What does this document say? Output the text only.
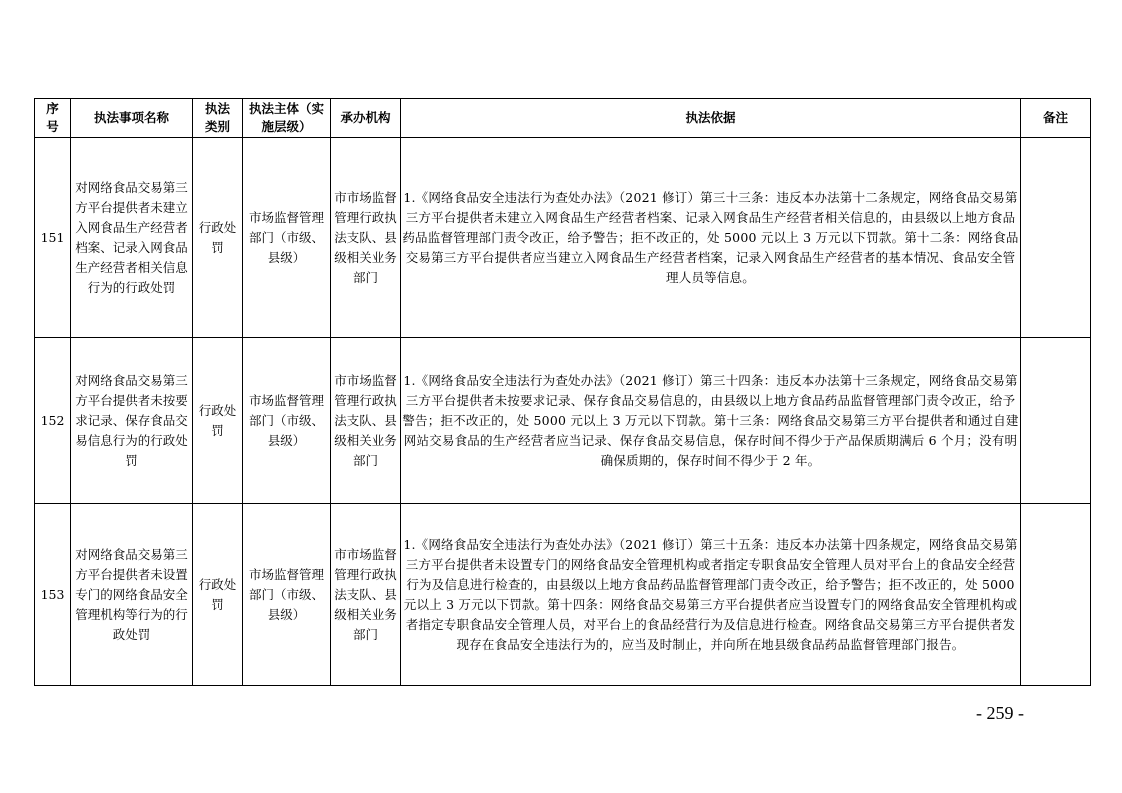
序号	执法事项名称	执法类别	执法主体（实施层级）	承办机构	执法依据	备注
151	对网络食品交易第三方平台提供者未建立入网食品生产经营者档案、记录入网食品生产经营者相关信息行为的行政处罚	行政处罚	市场监督管理部门（市级、县级）	市市场监督管理行政执法支队、县级相关业务部门	1.《网络食品安全违法行为查处办法》（2021 修订）第三十三条：违反本办法第十二条规定，网络食品交易第三方平台提供者未建立入网食品生产经营者档案、记录入网食品生产经营者相关信息的，由县级以上地方食品药品监督管理部门责令改正，给予警告；拒不改正的，处 5000 元以上 3 万元以下罚款。第十二条：网络食品交易第三方平台提供者应当建立入网食品生产经营者档案，记录入网食品生产经营者的基本情况、食品安全管理人员等信息。	
152	对网络食品交易第三方平台提供者未按要求记录、保存食品交易信息行为的行政处罚	行政处罚	市场监督管理部门（市级、县级）	市市场监督管理行政执法支队、县级相关业务部门	1.《网络食品安全违法行为查处办法》（2021 修订）第三十四条：违反本办法第十三条规定，网络食品交易第三方平台提供者未按要求记录、保存食品交易信息的，由县级以上地方食品药品监督管理部门责令改正，给予警告；拒不改正的，处 5000 元以上 3 万元以下罚款。第十三条：网络食品交易第三方平台提供者和通过自建网站交易食品的生产经营者应当记录、保存食品交易信息，保存时间不得少于产品保质期满后 6 个月；没有明确保质期的，保存时间不得少于 2 年。	
153	对网络食品交易第三方平台提供者未设置专门的网络食品安全管理机构等行为的行政处罚	行政处罚	市场监督管理部门（市级、县级）	市市场监督管理行政执法支队、县级相关业务部门	1.《网络食品安全违法行为查处办法》（2021 修订）第三十五条：违反本办法第十四条规定，网络食品交易第三方平台提供者未设置专门的网络食品安全管理机构或者指定专职食品安全管理人员对平台上的食品安全经营行为及信息进行检查的，由县级以上地方食品药品监督管理部门责令改正，给予警告；拒不改正的，处 5000 元以上 3 万元以下罚款。第十四条：网络食品交易第三方平台提供者应当设置专门的网络食品安全管理机构或者指定专职食品安全管理人员，对平台上的食品经营行为及信息进行检查。网络食品交易第三方平台提供者发现存在食品安全违法行为的，应当及时制止，并向所在地县级食品药品监督管理部门报告。	
- 259 -
